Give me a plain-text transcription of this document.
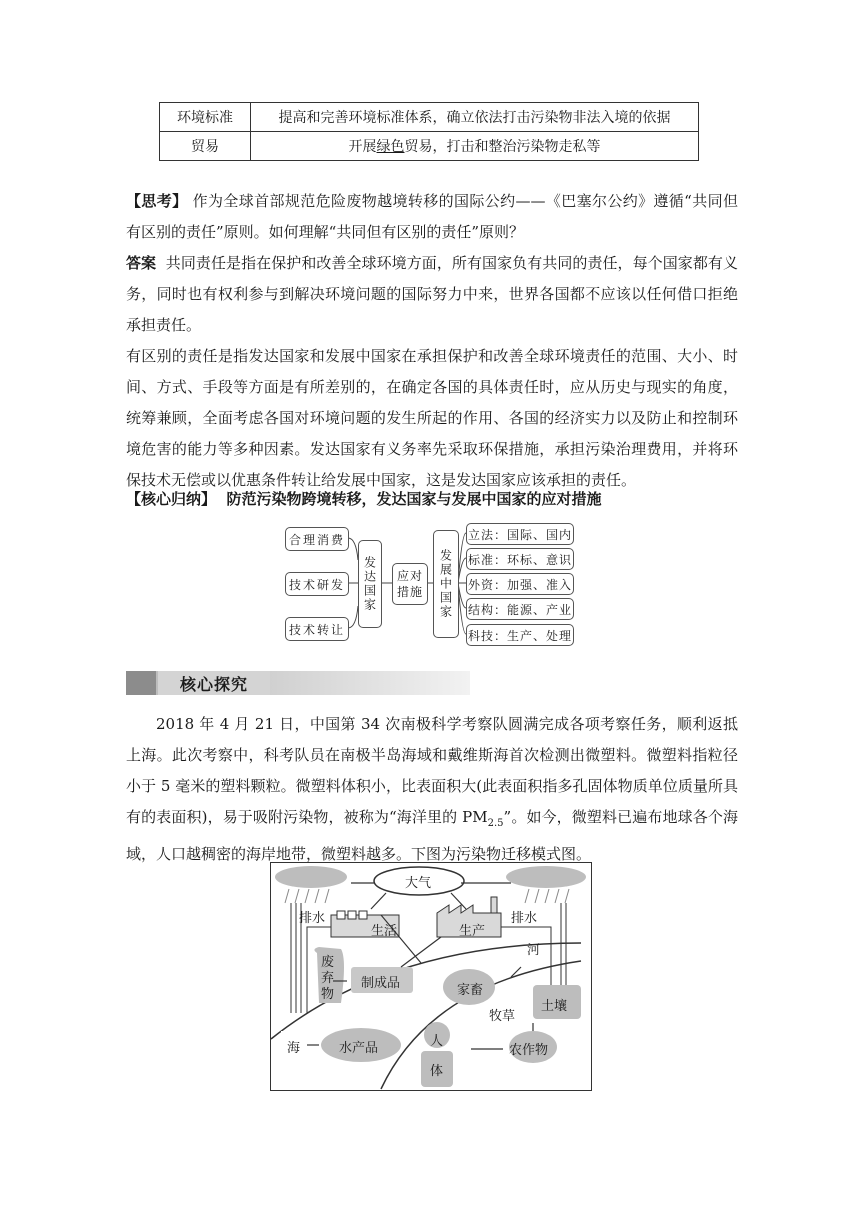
环境标准	提高和完善环境标准体系，确立依法打击污染物非法入境的依据
贸易	开展绿色贸易，打击和整治污染物走私等

【思考】 作为全球首部规范危险废物越境转移的国际公约——《巴塞尔公约》遵循“共同但有区别的责任”原则。如何理解“共同但有区别的责任”原则？

答案 共同责任是指在保护和改善全球环境方面，所有国家负有共同的责任，每个国家都有义务，同时也有权利参与到解决环境问题的国际努力中来，世界各国都不应该以任何借口拒绝承担责任。

有区别的责任是指发达国家和发展中国家在承担保护和改善全球环境责任的范围、大小、时间、方式、手段等方面是有所差别的，在确定各国的具体责任时，应从历史与现实的角度，统筹兼顾，全面考虑各国对环境问题的发生所起的作用、各国的经济实力以及防止和控制环境危害的能力等多种因素。发达国家有义务率先采取环保措施，承担污染治理费用，并将环保技术无偿或以优惠条件转让给发展中国家，这是发达国家应该承担的责任。

【核心归纳】 防范污染物跨境转移，发达国家与发展中国家的应对措施

合理消费
技术研发
技术转让
发达国家 应对措施 发展中国家
立法：国际、国内
标准：环标、意识
外资：加强、准入
结构：能源、产业
科技：生产、处理
核心探究

2018 年 4 月 21 日，中国第 34 次南极科学考察队圆满完成各项考察任务，顺利返抵上海。此次考察中，科考队员在南极半岛海域和戴维斯海首次检测出微塑料。微塑料指粒径小于 5 毫米的塑料颗粒。微塑料体积小，比表面积大(此表面积指多孔固体物质单位质量所具有的表面积)，易于吸附污染物，被称为“海洋里的 $PM_{2.5}$”。如今，微塑料已遍布地球各个海域，人口越稠密的海岸地带，微塑料越多。下图为污染物迁移模式图。

大气
排水	排水
生活	生产
河
废弃物
制成品	家畜
牧草
土壤
海	水产品	人体
农作物
